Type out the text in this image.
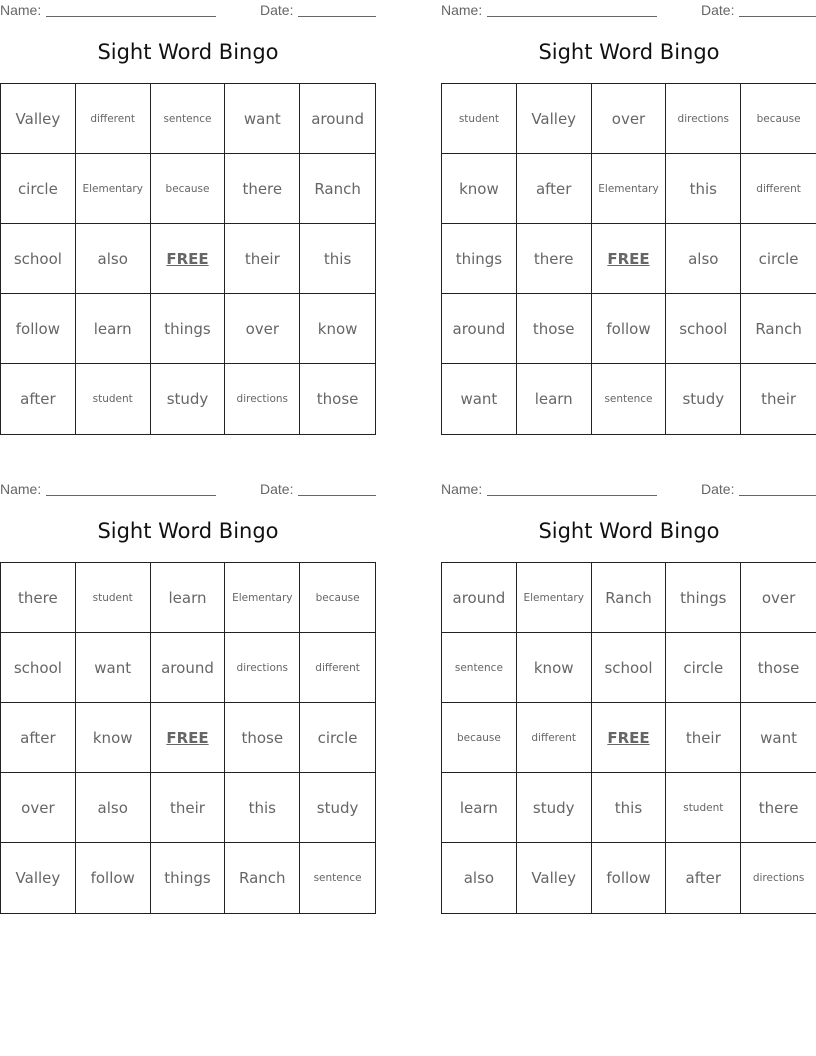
Name:	Date:
Sight Word Bingo
Valley	different	sentence	want	around
circle	Elementary	because	there	Ranch
school	also	FREE	their	this
follow	learn	things	over	know
after	student	study	directions	those
Name:	Date:
Sight Word Bingo
student	Valley	over	directions	because
know	after	Elementary	this	different
things	there	FREE	also	circle
around	those	follow	school	Ranch
want	learn	sentence	study	their
Name:	Date:
Sight Word Bingo
there	student	learn	Elementary	because
school	want	around	directions	different
after	know	FREE	those	circle
over	also	their	this	study
Valley	follow	things	Ranch	sentence
Name:	Date:
Sight Word Bingo
around	Elementary	Ranch	things	over
sentence	know	school	circle	those
because	different	FREE	their	want
learn	study	this	student	there
also	Valley	follow	after	directions
